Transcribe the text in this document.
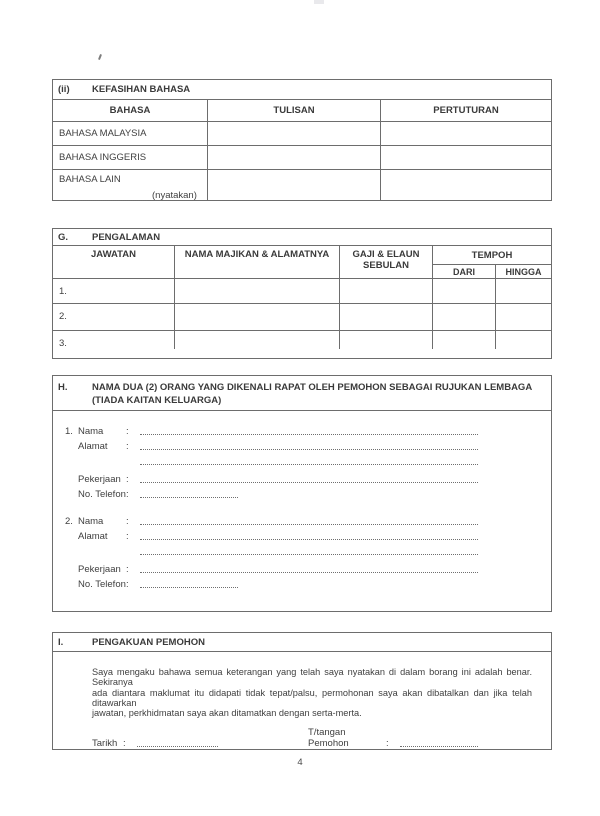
(ii)	KEFASIHAN BAHASA
BAHASA	TULISAN	PERTUTURAN
BAHASA MALAYSIA
BAHASA INGGERIS
BAHASA LAIN
(nyatakan)
G.	PENGALAMAN
JAWATAN	NAMA MAJIKAN & ALAMATNYA	GAJI & ELAUN SEBULAN
TEMPOH
DARI	HINGGA
1.
2.
3.
H.	NAMA DUA (2) ORANG YANG DIKENALI RAPAT OLEH PEMOHON SEBAGAI RUJUKAN LEMBAGA
(TIADA KAITAN KELUARGA)
1. Nama	:
Alamat	:
Pekerjaan :
No. Telefon :
2. Nama	:
Alamat	:
Pekerjaan :
No. Telefon :
I.	PENGAKUAN PEMOHON
Saya mengaku bahawa semua keterangan yang telah saya nyatakan di dalam borang ini adalah benar. Sekiranya
ada diantara maklumat itu didapati tidak tepat/palsu, permohonan saya akan dibatalkan dan jika telah ditawarkan
jawatan, perkhidmatan saya akan ditamatkan dengan serta-merta.
Tarikh :
T/tangan Pemohon	:
4
